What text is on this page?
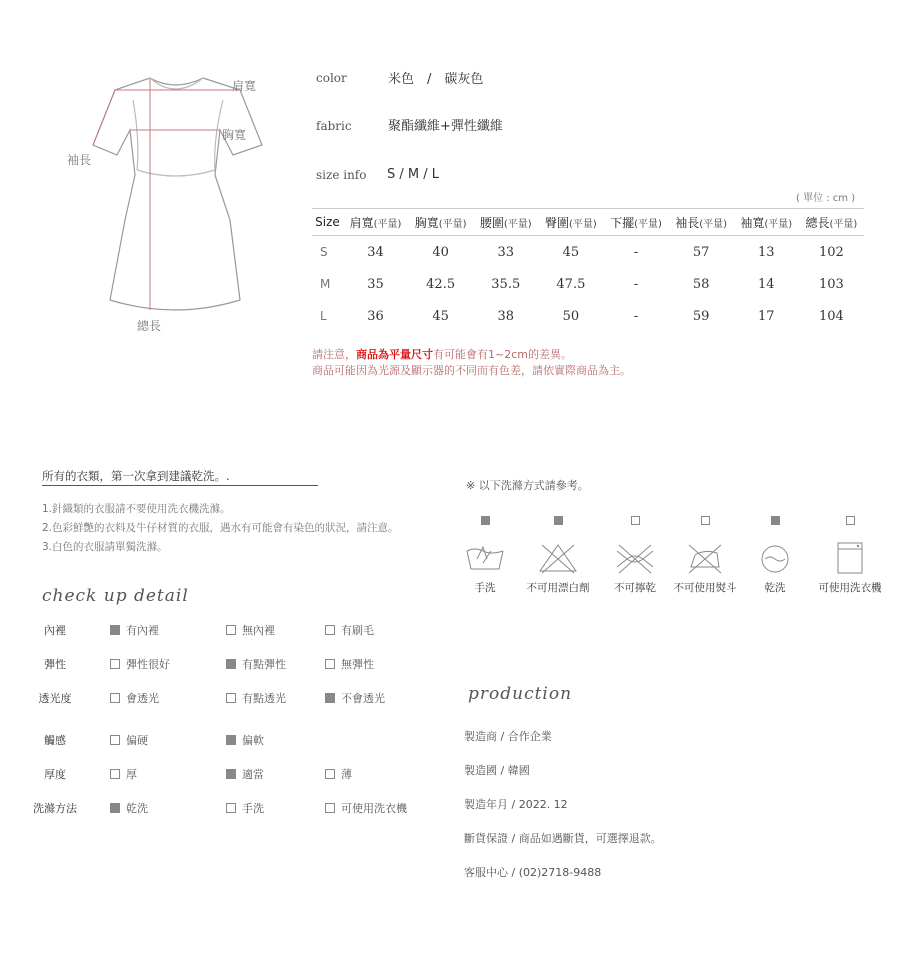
肩寬
胸寬
袖長
總長
color	米色　/　碳灰色
fabric	聚酯纖維+彈性纖維
size info S / M / L
( 單位 : cm )
Size	肩寬(平量)	胸寬(平量)	腰圍(平量)	臀圍(平量)	下擺(平量)	袖長(平量)	袖寬(平量)	總長(平量)
S	34	40	33	45	-	57	13	102
M	35	42.5	35.5	47.5	-	58	14	103
L	36	45	38	50	-	59	17	104
請注意，商品為平量尺寸有可能會有1~2cm的差異。
商品可能因為光源及顯示器的不同而有色差，請依實際商品為主。
所有的衣類，第一次拿到建議乾洗。.
1.針織類的衣服請不要使用洗衣機洗滌。
2.色彩鮮艷的衣料及牛仔材質的衣服，遇水有可能會有染色的狀況，請注意。
3.白色的衣服請單獨洗滌。
check up detail
內裡	有內裡	無內裡	有刷毛
彈性	彈性很好	有點彈性	無彈性
透光度	會透光	有點透光	不會透光
觸感	偏硬	偏軟
厚度	厚	適當	薄
洗滌方法	乾洗	手洗	可使用洗衣機
※ 以下洗滌方式請參考。
手洗	不可用漂白劑	不可擰乾	不可使用熨斗	乾洗	可使用洗衣機
production
製造商 / 合作企業
製造國 / 韓國
製造年月 / 2022. 12
斷貨保證 / 商品如遇斷貨，可選擇退款。
客服中心 / (02)2718-9488
